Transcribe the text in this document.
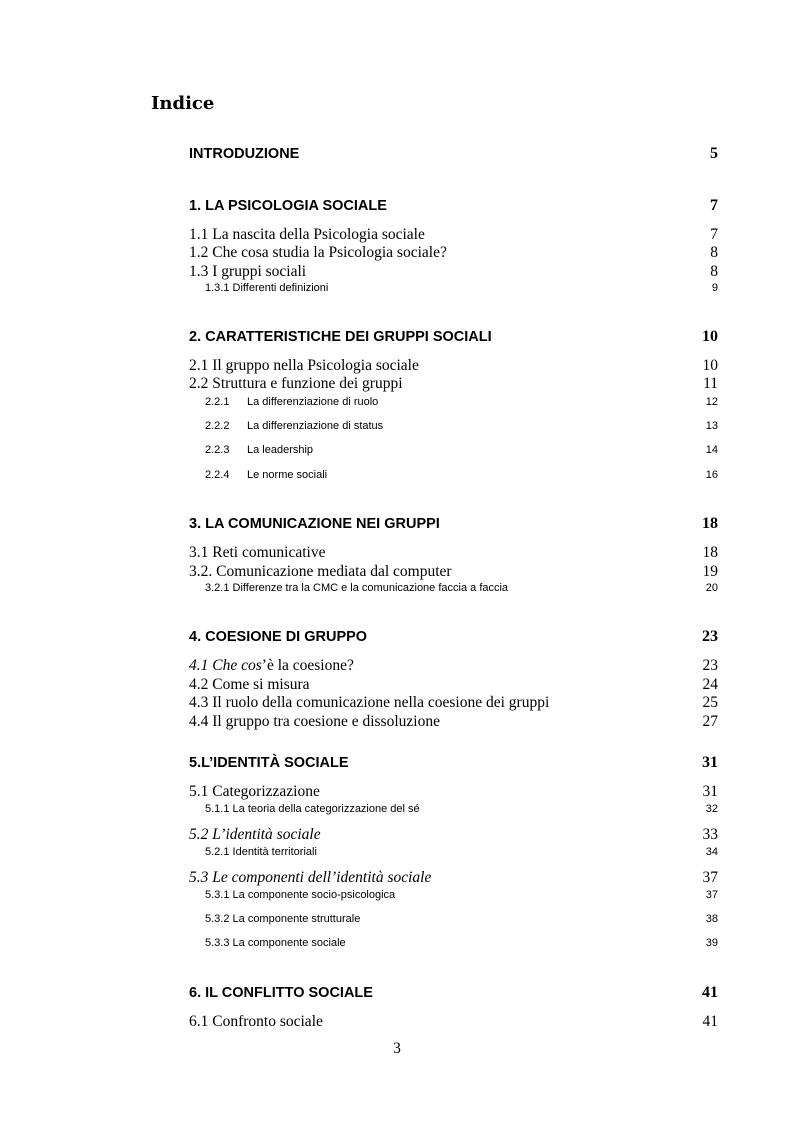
Indice
INTRODUZIONE	5
1. LA PSICOLOGIA SOCIALE	7
1.1 La nascita della Psicologia sociale	7
1.2 Che cosa studia la Psicologia sociale?	8
1.3 I gruppi sociali	8
1.3.1 Differenti definizioni	9
2. CARATTERISTICHE DEI GRUPPI SOCIALI	10
2.1 Il gruppo nella Psicologia sociale	10
2.2 Struttura e funzione dei gruppi	11
2.2.1 La differenziazione di ruolo	12
2.2.2 La differenziazione di status	13
2.2.3 La leadership	14
2.2.4 Le norme sociali	16
3. LA COMUNICAZIONE NEI GRUPPI	18
3.1 Reti comunicative	18
3.2. Comunicazione mediata dal computer	19
3.2.1 Differenze tra la CMC e la comunicazione faccia a faccia	20
4. COESIONE DI GRUPPO	23
4.1 Che cos’è la coesione?	23
4.2 Come si misura	24
4.3 Il ruolo della comunicazione nella coesione dei gruppi	25
4.4 Il gruppo tra coesione e dissoluzione	27
5.L’IDENTITÀ SOCIALE	31
5.1 Categorizzazione	31
5.1.1 La teoria della categorizzazione del sé	32
5.2 L’identità sociale	33
5.2.1 Identità territoriali	34
5.3 Le componenti dell’identità sociale	37
5.3.1 La componente socio-psicologica	37
5.3.2 La componente strutturale	38
5.3.3 La componente sociale	39
6. IL CONFLITTO SOCIALE	41
6.1 Confronto sociale	41
3
